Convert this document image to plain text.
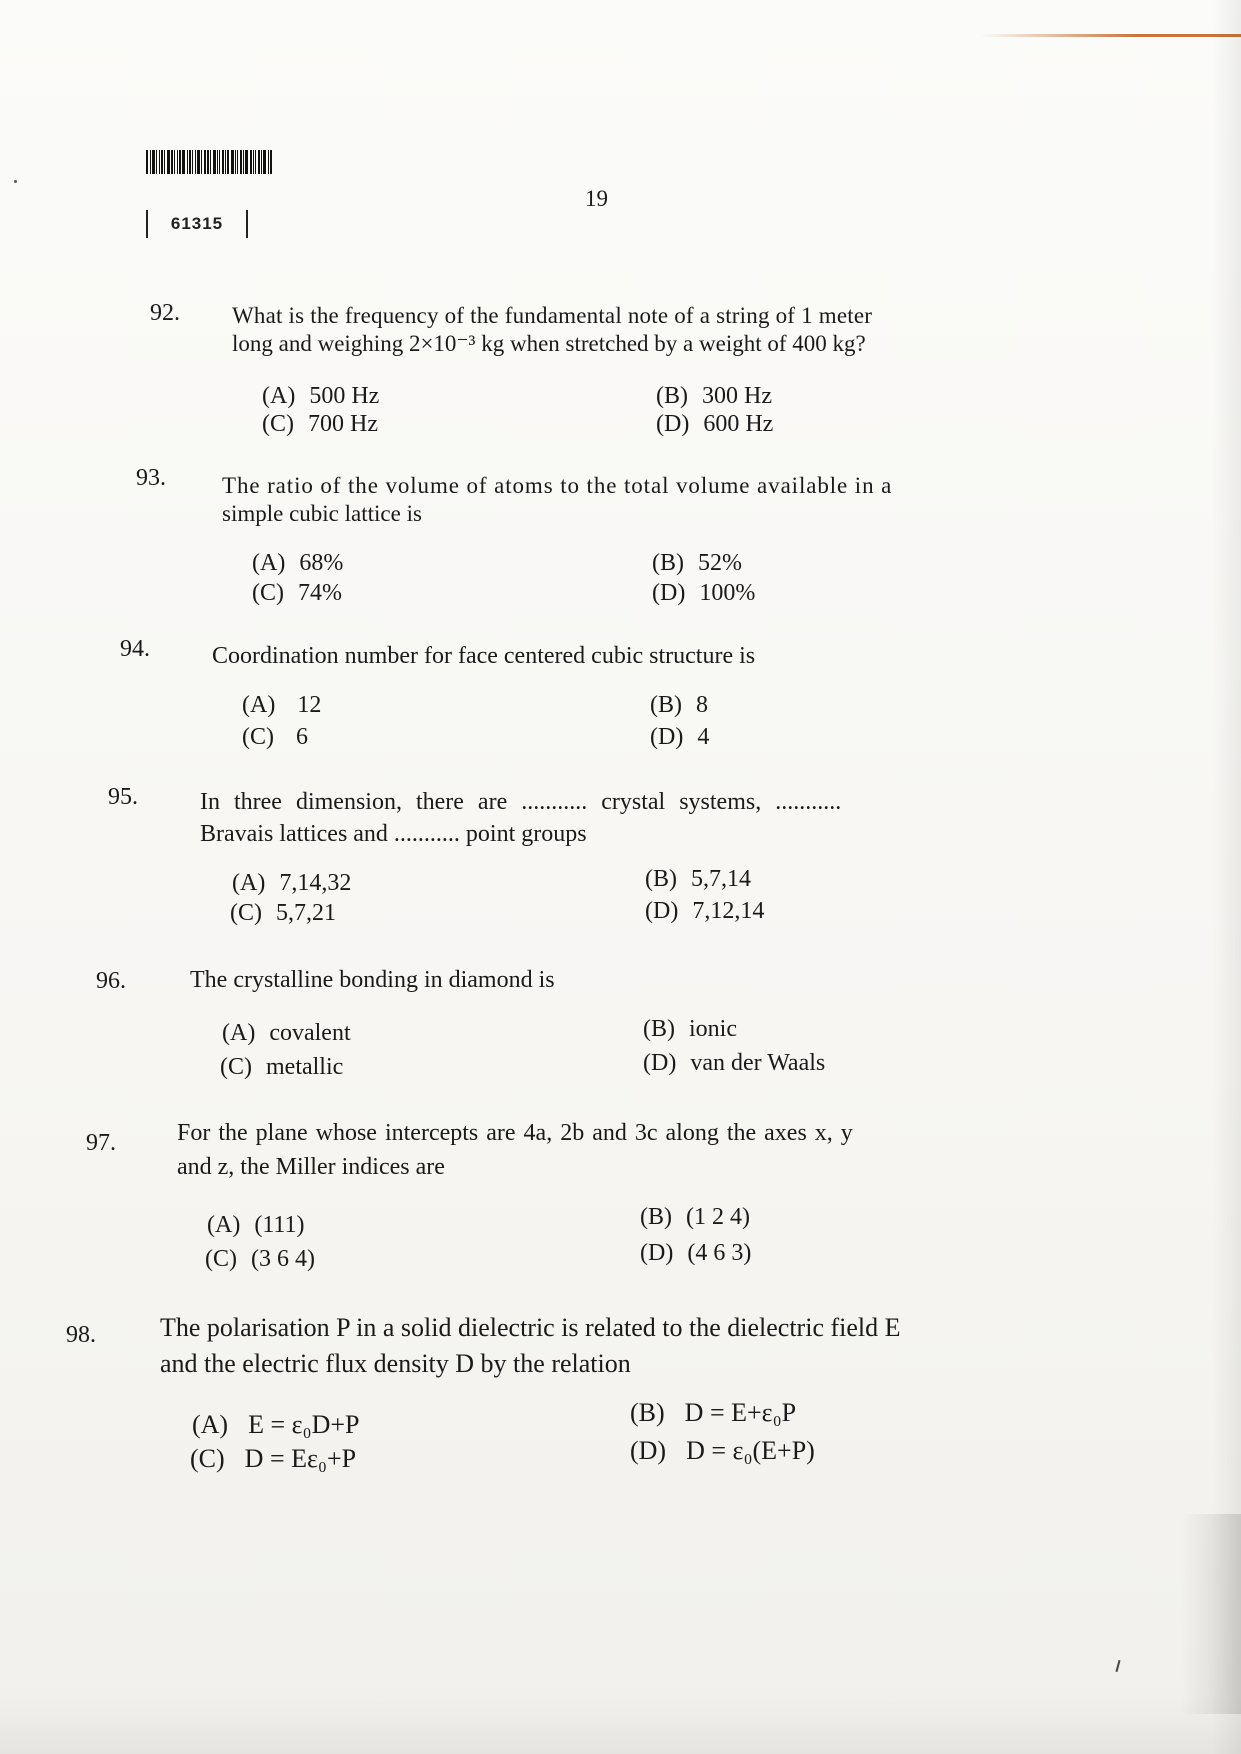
61315
19
92. What is the frequency of the fundamental note of a string of 1 meter
long and weighing 2×10⁻³ kg when stretched by a weight of 400 kg?
(A) 500 Hz	(B) 300 Hz
(C) 700 Hz	(D) 600 Hz
93. The ratio of the volume of atoms to the total volume available in a
simple cubic lattice is
(A) 68%	(B) 52%
(C) 74%	(D) 100%
94.	Coordination number for face centered cubic structure is
(A) 12	(B) 8
(C) 6	(D) 4
95.	In three dimension, there are ........... crystal systems, ...........
Bravais lattices and ........... point groups
(A) 7,14,32	(B) 5,7,14
(C) 5,7,21	(D) 7,12,14
96.	The crystalline bonding in diamond is
(A) covalent	(B) ionic
(C) metallic	(D) van der Waals
97.	For the plane whose intercepts are 4a, 2b and 3c along the axes x, y
and z, the Miller indices are
(A) (111)	(B) (1 2 4)
(C) (3 6 4)	(D) (4 6 3)
98. The polarisation P in a solid dielectric is related to the dielectric field E
and the electric flux density D by the relation
(A) E = ε₀D+P	(B) D = E+ε₀P
(C) D = Eε₀+P	(D) D = ε₀(E+P)
